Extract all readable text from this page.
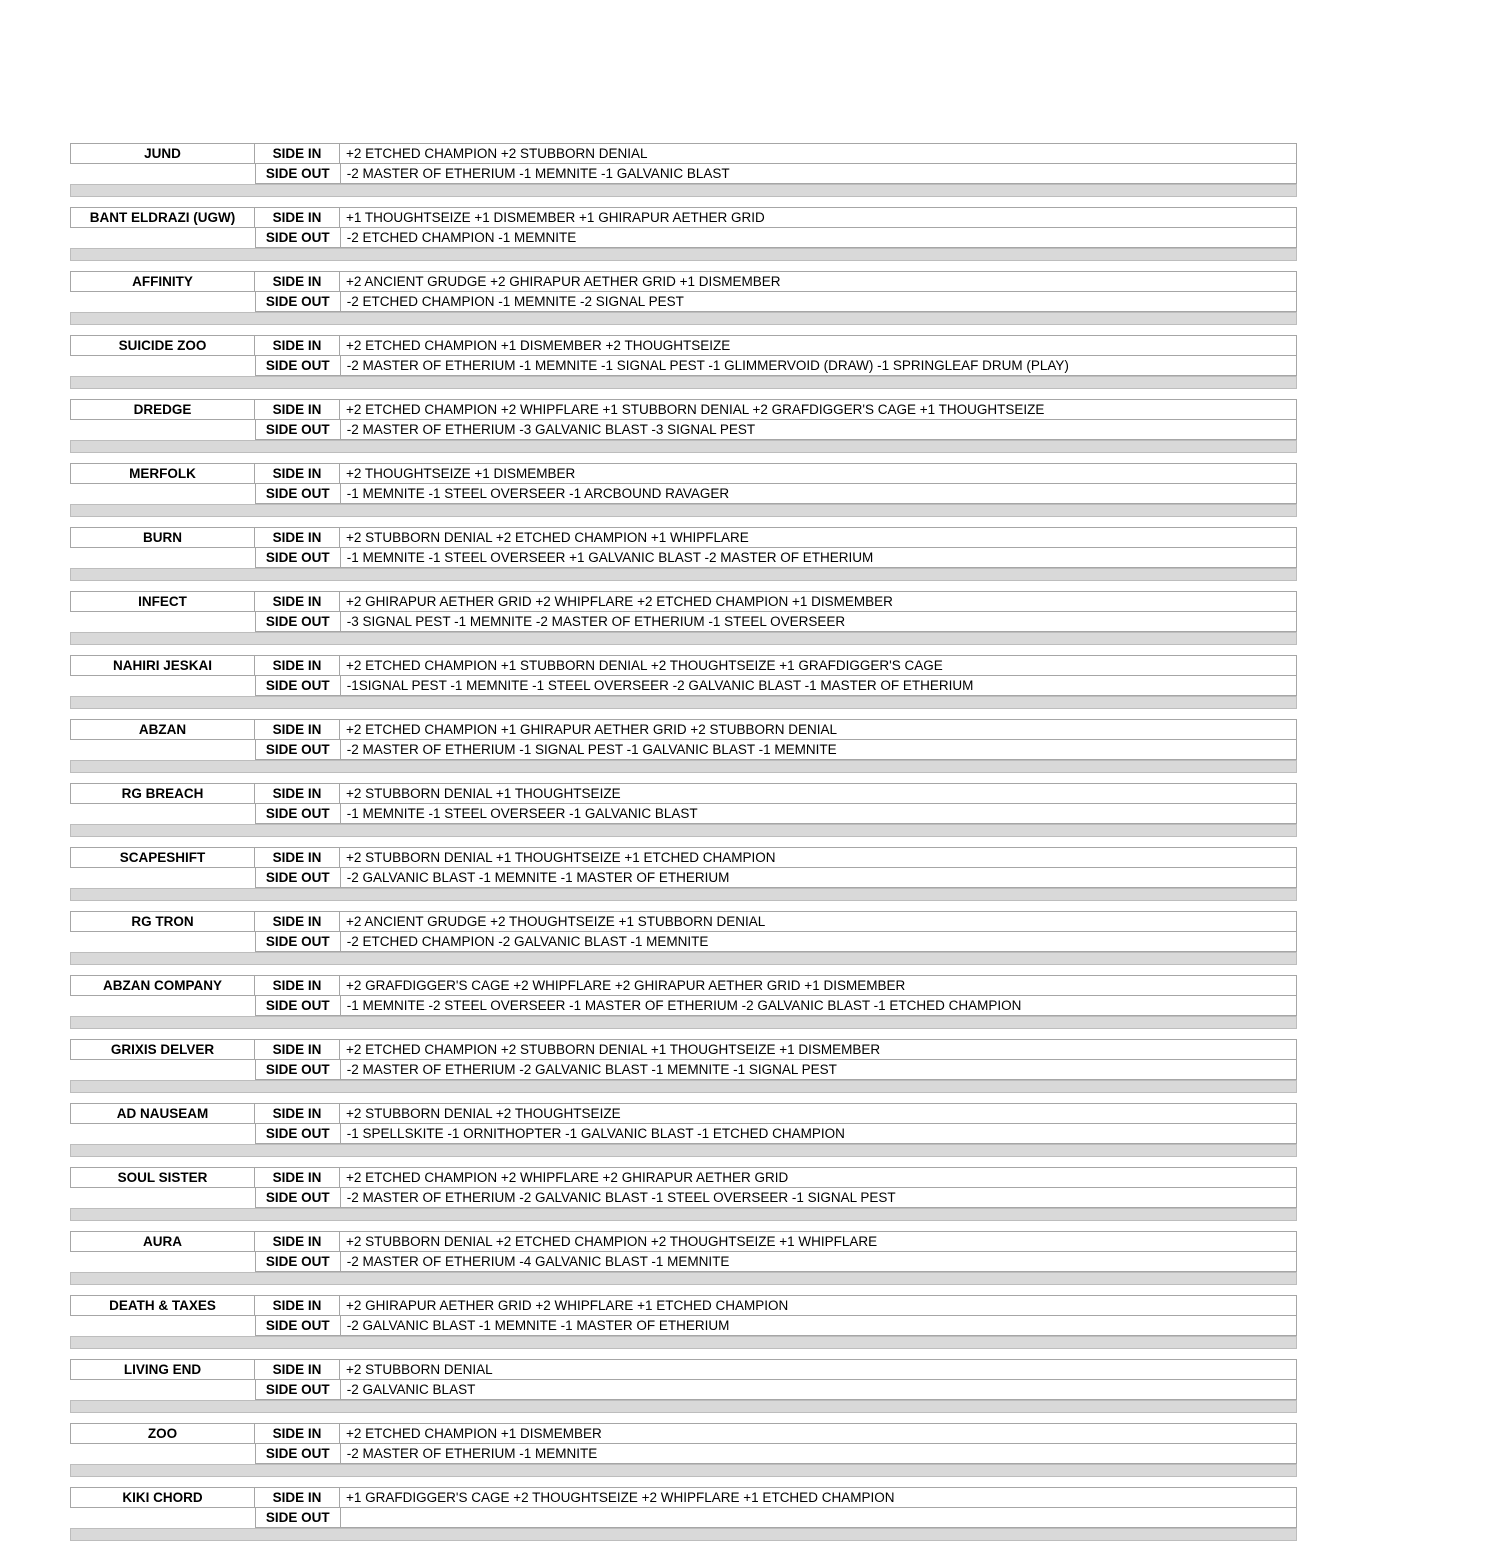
JUND	SIDE IN	+2 ETCHED CHAMPION +2 STUBBORN DENIAL
SIDE OUT	-2 MASTER OF ETHERIUM -1 MEMNITE -1 GALVANIC BLAST
BANT ELDRAZI (UGW)	SIDE IN	+1 THOUGHTSEIZE +1 DISMEMBER +1 GHIRAPUR AETHER GRID
SIDE OUT	-2 ETCHED CHAMPION -1 MEMNITE
AFFINITY	SIDE IN	+2 ANCIENT GRUDGE +2 GHIRAPUR AETHER GRID +1 DISMEMBER
SIDE OUT	-2 ETCHED CHAMPION -1 MEMNITE -2 SIGNAL PEST
SUICIDE ZOO	SIDE IN	+2 ETCHED CHAMPION +1 DISMEMBER +2 THOUGHTSEIZE
SIDE OUT	-2 MASTER OF ETHERIUM -1 MEMNITE -1 SIGNAL PEST -1 GLIMMERVOID (DRAW) -1 SPRINGLEAF DRUM (PLAY)
DREDGE	SIDE IN	+2 ETCHED CHAMPION +2 WHIPFLARE +1 STUBBORN DENIAL +2 GRAFDIGGER'S CAGE +1 THOUGHTSEIZE
SIDE OUT	-2 MASTER OF ETHERIUM -3 GALVANIC BLAST -3 SIGNAL PEST
MERFOLK	SIDE IN	+2 THOUGHTSEIZE +1 DISMEMBER
SIDE OUT	-1 MEMNITE -1 STEEL OVERSEER -1 ARCBOUND RAVAGER
BURN	SIDE IN	+2 STUBBORN DENIAL +2 ETCHED CHAMPION +1 WHIPFLARE
SIDE OUT	-1 MEMNITE -1 STEEL OVERSEER +1 GALVANIC BLAST -2 MASTER OF ETHERIUM
INFECT	SIDE IN	+2 GHIRAPUR AETHER GRID +2 WHIPFLARE +2 ETCHED CHAMPION +1 DISMEMBER
SIDE OUT	-3 SIGNAL PEST -1 MEMNITE -2 MASTER OF ETHERIUM -1 STEEL OVERSEER
NAHIRI JESKAI	SIDE IN	+2 ETCHED CHAMPION +1 STUBBORN DENIAL +2 THOUGHTSEIZE +1 GRAFDIGGER'S CAGE
SIDE OUT	-1SIGNAL PEST -1 MEMNITE -1 STEEL OVERSEER -2 GALVANIC BLAST -1 MASTER OF ETHERIUM
ABZAN	SIDE IN	+2 ETCHED CHAMPION +1 GHIRAPUR AETHER GRID +2 STUBBORN DENIAL
SIDE OUT	-2 MASTER OF ETHERIUM -1 SIGNAL PEST -1 GALVANIC BLAST -1 MEMNITE
RG BREACH	SIDE IN	+2 STUBBORN DENIAL +1 THOUGHTSEIZE
SIDE OUT	-1 MEMNITE -1 STEEL OVERSEER -1 GALVANIC BLAST
SCAPESHIFT	SIDE IN	+2 STUBBORN DENIAL +1 THOUGHTSEIZE +1 ETCHED CHAMPION
SIDE OUT	-2 GALVANIC BLAST -1 MEMNITE -1 MASTER OF ETHERIUM
RG TRON	SIDE IN	+2 ANCIENT GRUDGE +2 THOUGHTSEIZE +1 STUBBORN DENIAL
SIDE OUT	-2 ETCHED CHAMPION -2 GALVANIC BLAST -1 MEMNITE
ABZAN COMPANY	SIDE IN	+2 GRAFDIGGER'S CAGE +2 WHIPFLARE +2 GHIRAPUR AETHER GRID +1 DISMEMBER
SIDE OUT	-1 MEMNITE -2 STEEL OVERSEER -1 MASTER OF ETHERIUM -2 GALVANIC BLAST -1 ETCHED CHAMPION
GRIXIS DELVER	SIDE IN	+2 ETCHED CHAMPION +2 STUBBORN DENIAL +1 THOUGHTSEIZE +1 DISMEMBER
SIDE OUT	-2 MASTER OF ETHERIUM -2 GALVANIC BLAST -1 MEMNITE -1 SIGNAL PEST
AD NAUSEAM	SIDE IN	+2 STUBBORN DENIAL +2 THOUGHTSEIZE
SIDE OUT	-1 SPELLSKITE -1 ORNITHOPTER -1 GALVANIC BLAST -1 ETCHED CHAMPION
SOUL SISTER	SIDE IN	+2 ETCHED CHAMPION +2 WHIPFLARE +2 GHIRAPUR AETHER GRID
SIDE OUT	-2 MASTER OF ETHERIUM -2 GALVANIC BLAST -1 STEEL OVERSEER -1 SIGNAL PEST
AURA	SIDE IN	+2 STUBBORN DENIAL +2 ETCHED CHAMPION +2 THOUGHTSEIZE +1 WHIPFLARE
SIDE OUT	-2 MASTER OF ETHERIUM -4 GALVANIC BLAST -1 MEMNITE
DEATH & TAXES	SIDE IN	+2 GHIRAPUR AETHER GRID +2 WHIPFLARE +1 ETCHED CHAMPION
SIDE OUT	-2 GALVANIC BLAST -1 MEMNITE -1 MASTER OF ETHERIUM
LIVING END	SIDE IN	+2 STUBBORN DENIAL
SIDE OUT	-2 GALVANIC BLAST
ZOO	SIDE IN	+2 ETCHED CHAMPION +1 DISMEMBER
SIDE OUT	-2 MASTER OF ETHERIUM -1 MEMNITE
KIKI CHORD	SIDE IN	+1 GRAFDIGGER'S CAGE +2 THOUGHTSEIZE +2 WHIPFLARE +1 ETCHED CHAMPION
SIDE OUT
